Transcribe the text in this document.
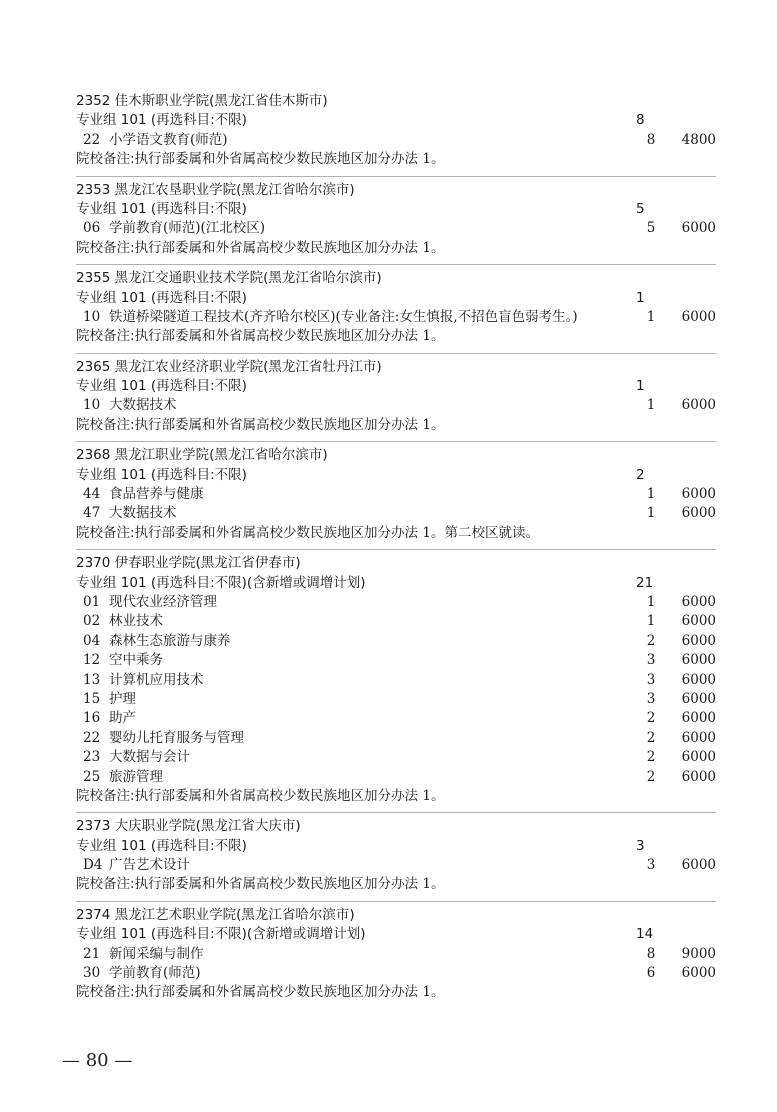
2352 佳木斯职业学院(黑龙江省佳木斯市)
专业组 101 (再选科目:不限)	8
22 小学语文教育(师范)	8	4800
院校备注: 执行部委属和外省属高校少数民族地区加分办法 1。
2353 黑龙江农垦职业学院(黑龙江省哈尔滨市)
专业组 101 (再选科目:不限)	5
06 学前教育(师范)(江北校区)	5	6000
院校备注: 执行部委属和外省属高校少数民族地区加分办法 1。
2355 黑龙江交通职业技术学院(黑龙江省哈尔滨市)
专业组 101 (再选科目:不限)	1
10 铁道桥梁隧道工程技术(齐齐哈尔校区)(专业备注:女生慎报,不招色盲色弱考生。)	1	6000
院校备注: 执行部委属和外省属高校少数民族地区加分办法 1。
2365 黑龙江农业经济职业学院(黑龙江省牡丹江市)
专业组 101 (再选科目:不限)	1
10 大数据技术	1	6000
院校备注: 执行部委属和外省属高校少数民族地区加分办法 1。
2368 黑龙江职业学院(黑龙江省哈尔滨市)
专业组 101 (再选科目:不限)	2
44 食品营养与健康	1	6000
47 大数据技术	1	6000
院校备注: 执行部委属和外省属高校少数民族地区加分办法 1。第二校区就读。
2370 伊春职业学院(黑龙江省伊春市)
专业组 101 (再选科目:不限)(含新增或调增计划)	21
01 现代农业经济管理	1	6000
02 林业技术	1	6000
04 森林生态旅游与康养	2	6000
12 空中乘务	3	6000
13 计算机应用技术	3	6000
15 护理	3	6000
16 助产	2	6000
22 婴幼儿托育服务与管理	2	6000
23 大数据与会计	2	6000
25 旅游管理	2	6000
院校备注: 执行部委属和外省属高校少数民族地区加分办法 1。
2373 大庆职业学院(黑龙江省大庆市)
专业组 101 (再选科目:不限)	3
D4 广告艺术设计	3	6000
院校备注: 执行部委属和外省属高校少数民族地区加分办法 1。
2374 黑龙江艺术职业学院(黑龙江省哈尔滨市)
专业组 101 (再选科目:不限)(含新增或调增计划)	14
21 新闻采编与制作	8	9000
30 学前教育(师范)	6	6000
院校备注: 执行部委属和外省属高校少数民族地区加分办法 1。
— 80 —
